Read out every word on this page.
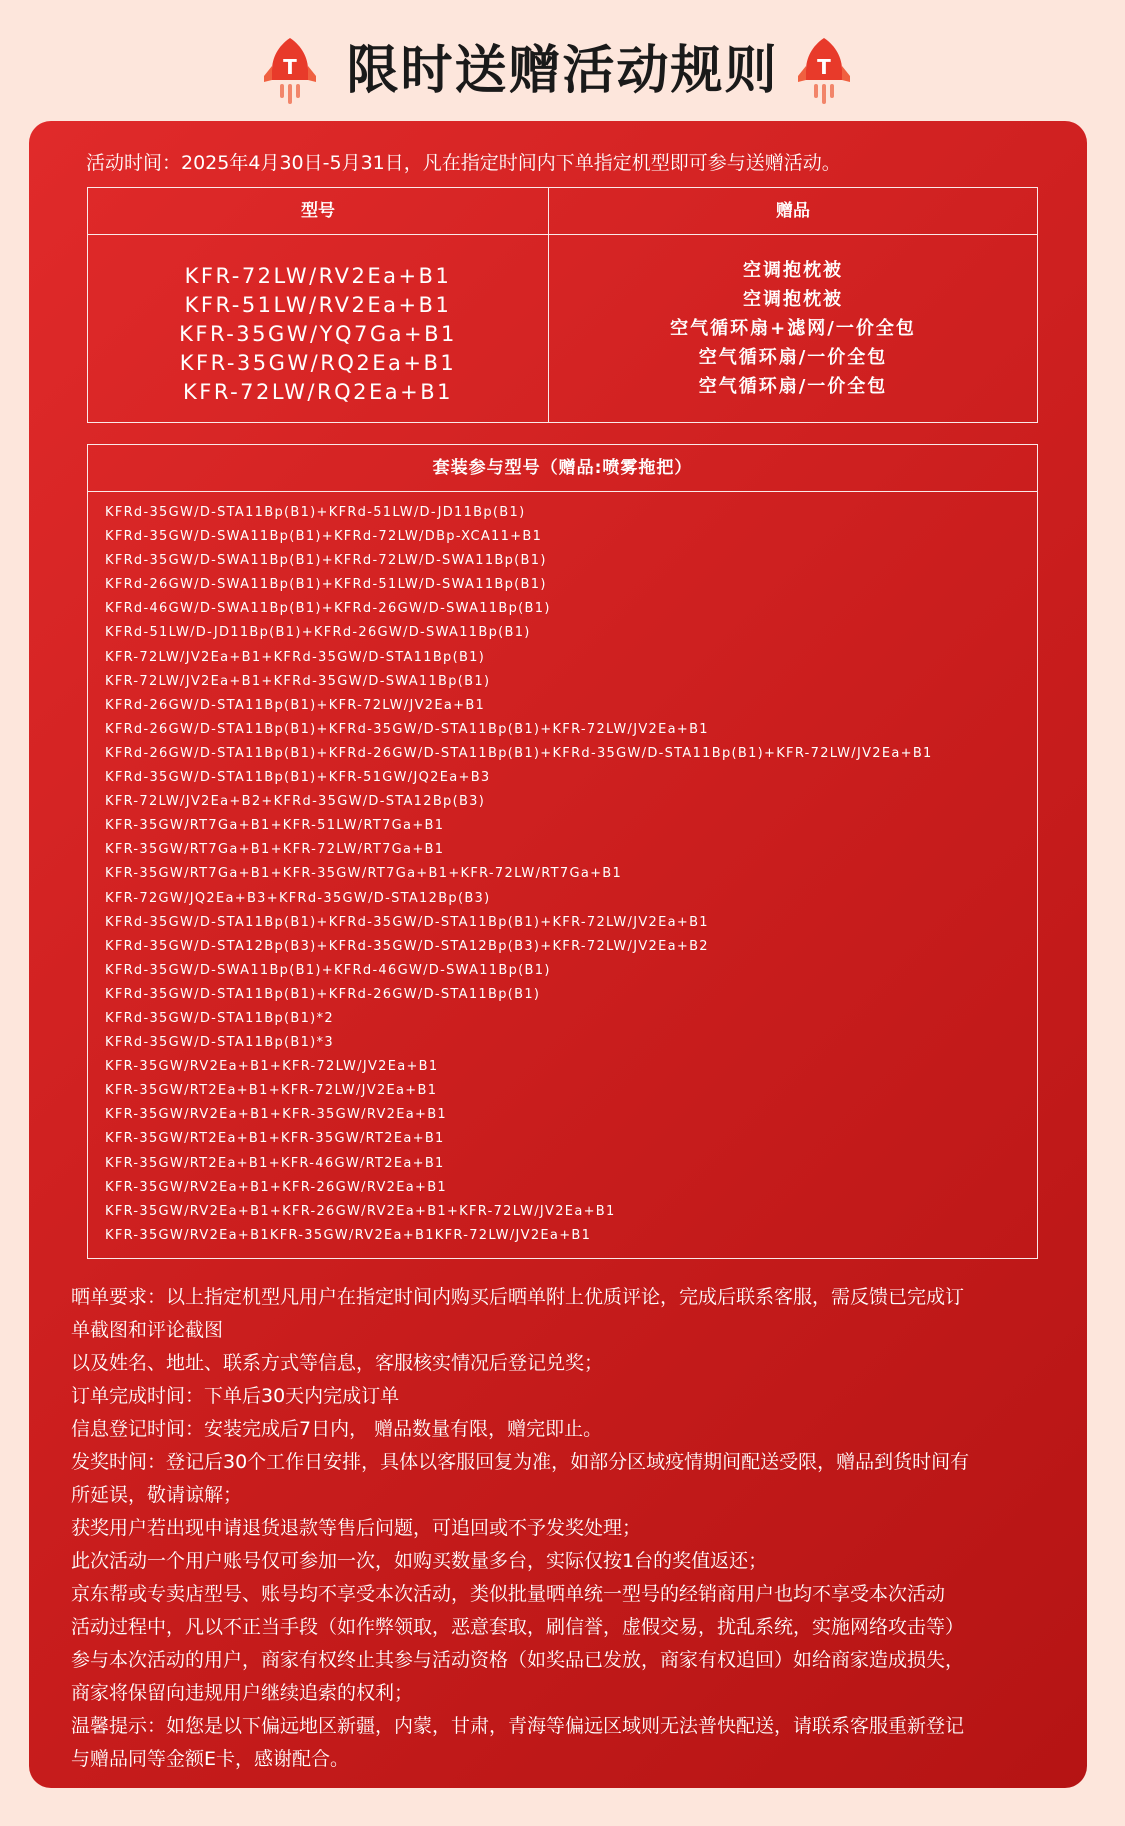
T 限时送赠活动规则	T
活动时间：2025年4月30日-5月31日，凡在指定时间内下单指定机型即可参与送赠活动。
型号	赠品
KFR-72LW/RV2Ea+B1
KFR-51LW/RV2Ea+B1
KFR-35GW/YQ7Ga+B1
KFR-35GW/RQ2Ea+B1
KFR-72LW/RQ2Ea+B1
空调抱枕被
空调抱枕被
空气循环扇+滤网/一价全包
空气循环扇/一价全包
空气循环扇/一价全包
套装参与型号（赠品:喷雾拖把）
KFRd-35GW/D-STA11Bp(B1)+KFRd-51LW/D-JD11Bp(B1)
KFRd-35GW/D-SWA11Bp(B1)+KFRd-72LW/DBp-XCA11+B1
KFRd-35GW/D-SWA11Bp(B1)+KFRd-72LW/D-SWA11Bp(B1)
KFRd-26GW/D-SWA11Bp(B1)+KFRd-51LW/D-SWA11Bp(B1)
KFRd-46GW/D-SWA11Bp(B1)+KFRd-26GW/D-SWA11Bp(B1)
KFRd-51LW/D-JD11Bp(B1)+KFRd-26GW/D-SWA11Bp(B1)
KFR-72LW/JV2Ea+B1+KFRd-35GW/D-STA11Bp(B1)
KFR-72LW/JV2Ea+B1+KFRd-35GW/D-SWA11Bp(B1)
KFRd-26GW/D-STA11Bp(B1)+KFR-72LW/JV2Ea+B1
KFRd-26GW/D-STA11Bp(B1)+KFRd-35GW/D-STA11Bp(B1)+KFR-72LW/JV2Ea+B1
KFRd-26GW/D-STA11Bp(B1)+KFRd-26GW/D-STA11Bp(B1)+KFRd-35GW/D-STA11Bp(B1)+KFR-72LW/JV2Ea+B1
KFRd-35GW/D-STA11Bp(B1)+KFR-51GW/JQ2Ea+B3
KFR-72LW/JV2Ea+B2+KFRd-35GW/D-STA12Bp(B3)
KFR-35GW/RT7Ga+B1+KFR-51LW/RT7Ga+B1
KFR-35GW/RT7Ga+B1+KFR-72LW/RT7Ga+B1
KFR-35GW/RT7Ga+B1+KFR-35GW/RT7Ga+B1+KFR-72LW/RT7Ga+B1
KFR-72GW/JQ2Ea+B3+KFRd-35GW/D-STA12Bp(B3)
KFRd-35GW/D-STA11Bp(B1)+KFRd-35GW/D-STA11Bp(B1)+KFR-72LW/JV2Ea+B1
KFRd-35GW/D-STA12Bp(B3)+KFRd-35GW/D-STA12Bp(B3)+KFR-72LW/JV2Ea+B2
KFRd-35GW/D-SWA11Bp(B1)+KFRd-46GW/D-SWA11Bp(B1)
KFRd-35GW/D-STA11Bp(B1)+KFRd-26GW/D-STA11Bp(B1)
KFRd-35GW/D-STA11Bp(B1)*2
KFRd-35GW/D-STA11Bp(B1)*3
KFR-35GW/RV2Ea+B1+KFR-72LW/JV2Ea+B1
KFR-35GW/RT2Ea+B1+KFR-72LW/JV2Ea+B1
KFR-35GW/RV2Ea+B1+KFR-35GW/RV2Ea+B1
KFR-35GW/RT2Ea+B1+KFR-35GW/RT2Ea+B1
KFR-35GW/RT2Ea+B1+KFR-46GW/RT2Ea+B1
KFR-35GW/RV2Ea+B1+KFR-26GW/RV2Ea+B1
KFR-35GW/RV2Ea+B1+KFR-26GW/RV2Ea+B1+KFR-72LW/JV2Ea+B1
KFR-35GW/RV2Ea+B1KFR-35GW/RV2Ea+B1KFR-72LW/JV2Ea+B1
晒单要求：以上指定机型凡用户在指定时间内购买后晒单附上优质评论，完成后联系客服，需反馈已完成订
单截图和评论截图
以及姓名、地址、联系方式等信息，客服核实情况后登记兑奖；
订单完成时间：下单后30天内完成订单
信息登记时间：安装完成后7日内， 赠品数量有限，赠完即止。
发奖时间：登记后30个工作日安排，具体以客服回复为准，如部分区域疫情期间配送受限，赠品到货时间有
所延误，敬请谅解；
获奖用户若出现申请退货退款等售后问题，可追回或不予发奖处理；
此次活动一个用户账号仅可参加一次，如购买数量多台，实际仅按1台的奖值返还；
京东帮或专卖店型号、账号均不享受本次活动，类似批量晒单统一型号的经销商用户也均不享受本次活动
活动过程中，凡以不正当手段（如作弊领取，恶意套取，刷信誉，虚假交易，扰乱系统，实施网络攻击等）
参与本次活动的用户，商家有权终止其参与活动资格（如奖品已发放，商家有权追回）如给商家造成损失，
商家将保留向违规用户继续追索的权利；
温馨提示：如您是以下偏远地区新疆，内蒙，甘肃，青海等偏远区域则无法普快配送，请联系客服重新登记
与赠品同等金额E卡，感谢配合。
